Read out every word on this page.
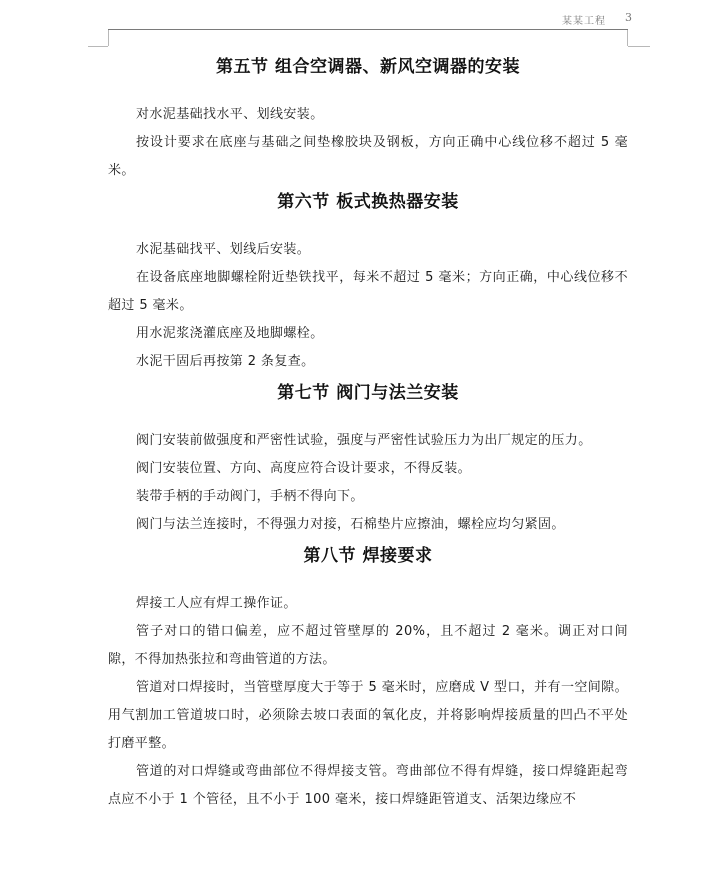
某某工程 3
第五节 组合空调器、新风空调器的安装

对水泥基础找水平、划线安装。

按设计要求在底座与基础之间垫橡胶块及钢板，方向正确中心线位移不超过 5 毫米。

第六节 板式换热器安装

水泥基础找平、划线后安装。

在设备底座地脚螺栓附近垫铁找平，每米不超过 5 毫米；方向正确，中心线位移不超过 5 毫米。

用水泥浆浇灌底座及地脚螺栓。

水泥干固后再按第 2 条复查。

第七节 阀门与法兰安装

阀门安装前做强度和严密性试验，强度与严密性试验压力为出厂规定的压力。

阀门安装位置、方向、高度应符合设计要求，不得反装。

装带手柄的手动阀门，手柄不得向下。

阀门与法兰连接时，不得强力对接，石棉垫片应擦油，螺栓应均匀紧固。

第八节 焊接要求

焊接工人应有焊工操作证。

管子对口的错口偏差，应不超过管壁厚的 20%，且不超过 2 毫米。调正对口间隙，不得加热张拉和弯曲管道的方法。

管道对口焊接时，当管壁厚度大于等于 5 毫米时，应磨成 V 型口，并有一空间隙。用气割加工管道坡口时，必须除去坡口表面的氧化皮，并将影响焊接质量的凹凸不平处打磨平整。

管道的对口焊缝或弯曲部位不得焊接支管。弯曲部位不得有焊缝，接口焊缝距起弯点应不小于 1 个管径，且不小于 100 毫米，接口焊缝距管道支、活架边缘应不
